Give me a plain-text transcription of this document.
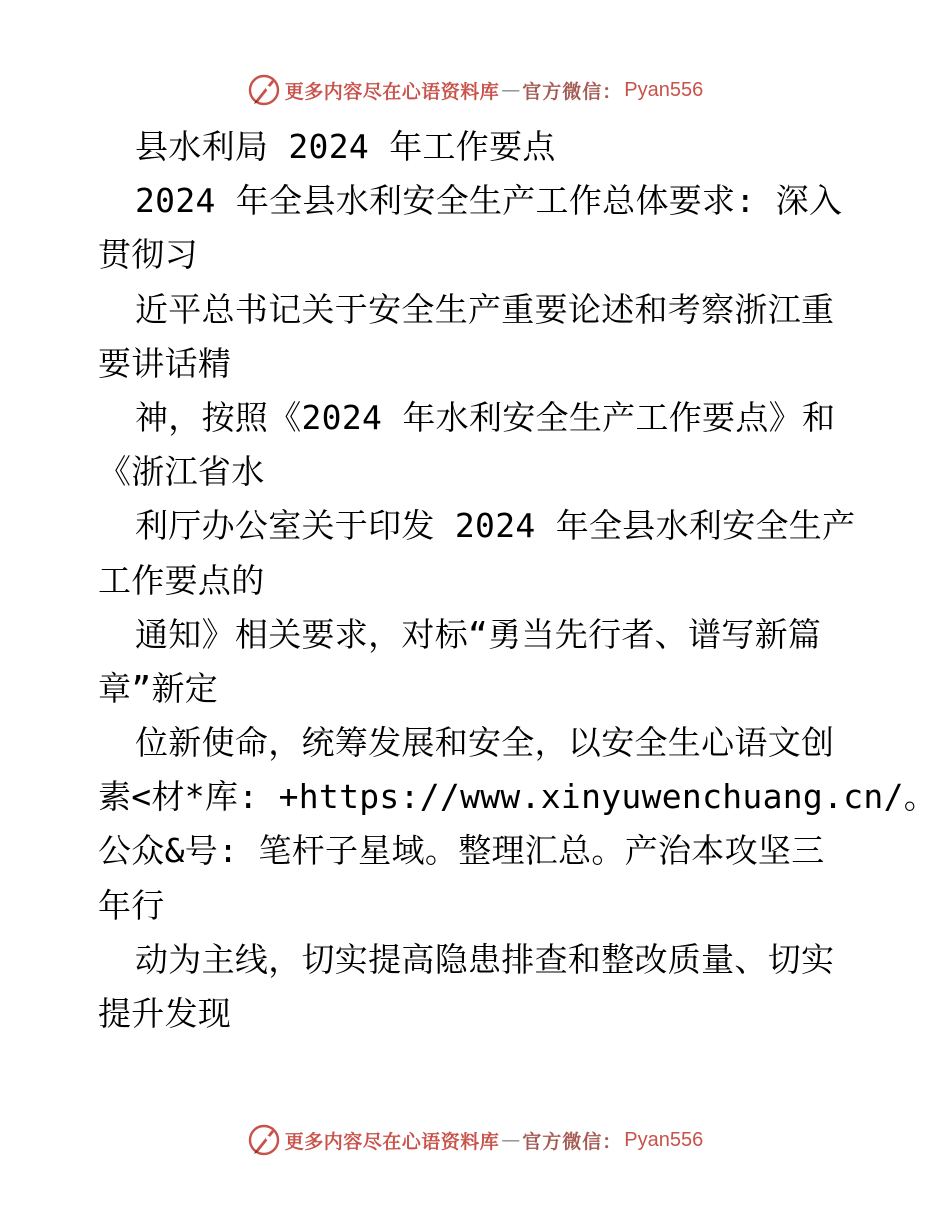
更多内容尽在心语资料库 — 官方微信： Pyan556
县水利局 2024 年工作要点
2024 年全县水利安全生产工作总体要求: 深入
贯彻习
近平总书记关于安全生产重要论述和考察浙江重
要讲话精
神，按照《2024 年水利安全生产工作要点》和
《浙江省水
利厅办公室关于印发 2024 年全县水利安全生产
工作要点的
通知》相关要求，对标“勇当先行者、谱写新篇
章”新定
位新使命，统筹发展和安全，以安全生心语文创
素<材*库: +https://www.xinyuwenchuang.cn/。
公众&号: 笔杆子星域。整理汇总。产治本攻坚三
年行
动为主线，切实提高隐患排查和整改质量、切实
提升发现
更多内容尽在心语资料库 — 官方微信： Pyan556
